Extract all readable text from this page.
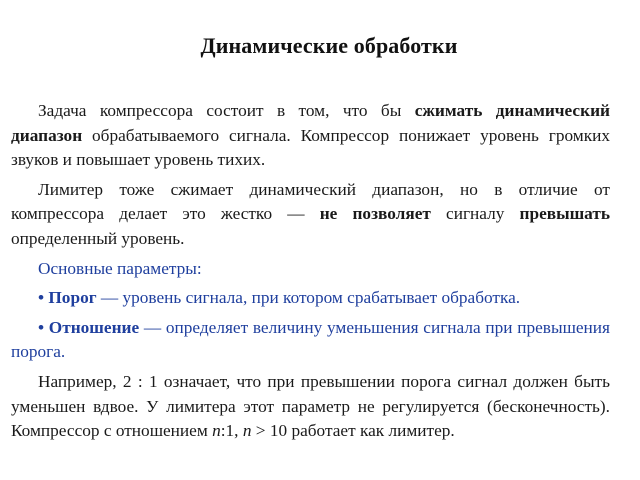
Динамические обработки

Задача компрессора состоит в том, что бы сжимать динамический диапазон обрабатываемого сигнала. Компрессор понижает уровень громких звуков и повышает уровень тихих.

Лимитер тоже сжимает динамический диапазон, но в отличие от компрессора делает это жестко — не позволяет сигналу превышать определенный уровень.

Основные параметры:

• Порог — уровень сигнала, при котором срабатывает обработка.

• Отношение — определяет величину уменьшения сигнала при превышения порога.

Например, 2 : 1 означает, что при превышении порога сигнал должен быть уменьшен вдвое. У лимитера этот параметр не регулируется (бесконечность). Компрессор с отношением n:1, n > 10 работает как лимитер.
